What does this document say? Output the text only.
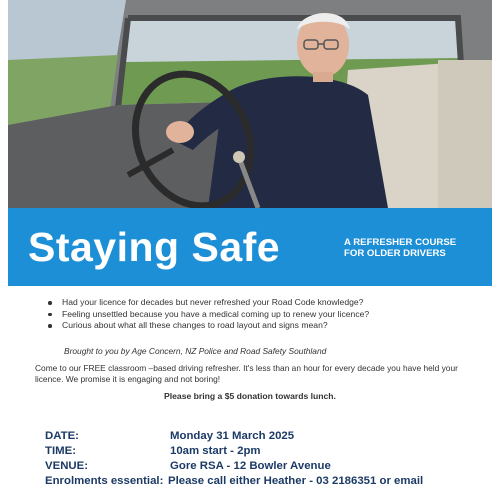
Staying Safe	A REFRESHER COURSE
FOR OLDER DRIVERS
Had your licence for decades but never refreshed your Road Code knowledge?
Feeling unsettled because you have a medical coming up to renew your licence?
Curious about what all these changes to road layout and signs mean?
Brought to you by Age Concern, NZ Police and Road Safety Southland
Come to our FREE classroom –based driving refresher. It's less than an hour for every decade you have held your licence. We promise it is engaging and not boring!
Please bring a $5 donation towards lunch.
DATE:	Monday 31 March 2025
TIME:	10am start - 2pm
VENUE:	Gore RSA - 12 Bowler Avenue
Enrolments essential: Please call either Heather - 03 2186351 or email
